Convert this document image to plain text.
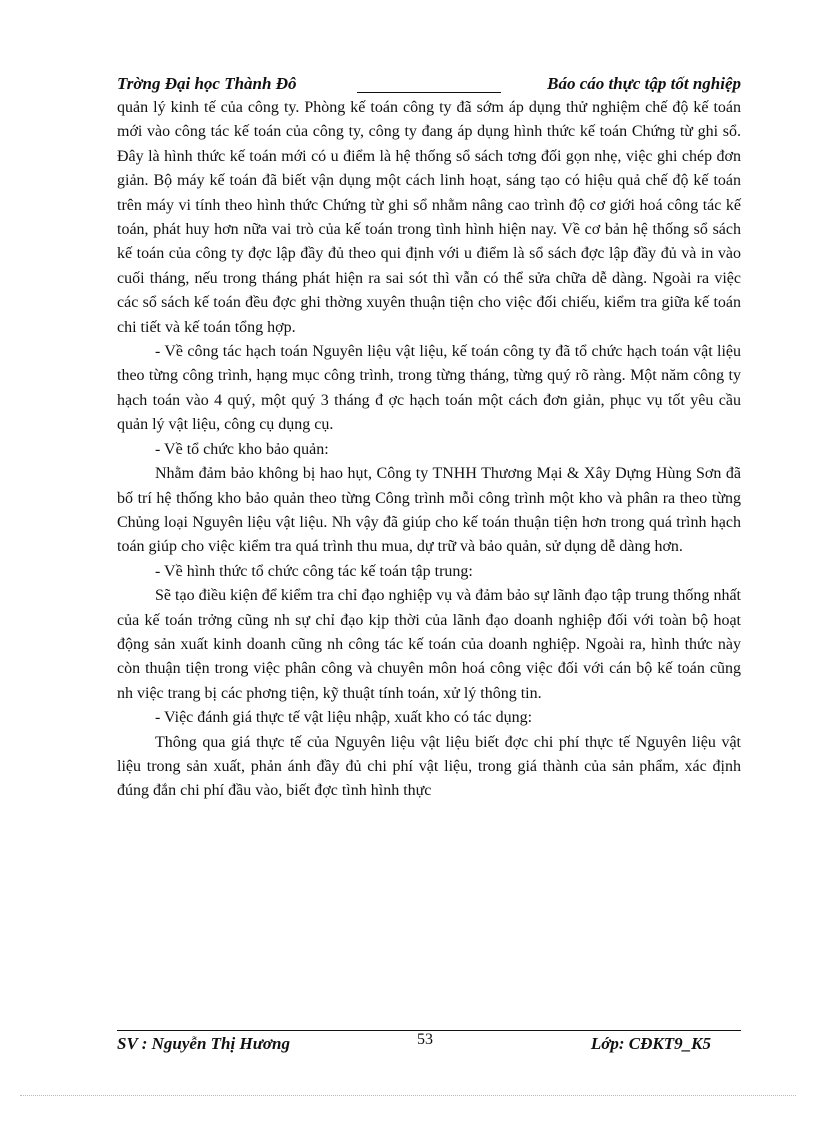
Trờng Đại học Thành Đô	Báo cáo thực tập tốt nghiệp

quản lý kinh tế của công ty. Phòng kế toán công ty đã sớm áp dụng thử nghiệm chế độ kế toán mới vào công tác kế toán của công ty, công ty đang áp dụng hình thức kế toán Chứng từ ghi sổ. Đây là hình thức kế toán mới có u điểm là hệ thống sổ sách tơng đối gọn nhẹ, việc ghi chép đơn giản. Bộ máy kế toán đã biết vận dụng một cách linh hoạt, sáng tạo có hiệu quả chế độ kế toán trên máy vi tính theo hình thức Chứng từ ghi sổ nhằm nâng cao trình độ cơ giới hoá công tác kế toán, phát huy hơn nữa vai trò của kế toán trong tình hình hiện nay. Về cơ bản hệ thống sổ sách kế toán của công ty đợc lập đầy đủ theo qui định với u điểm là sổ sách đợc lập đầy đủ và in vào cuối tháng, nếu trong tháng phát hiện ra sai sót thì vẫn có thể sửa chữa dễ dàng. Ngoài ra việc các sổ sách kế toán đều đợc ghi thờng xuyên thuận tiện cho việc đối chiếu, kiểm tra giữa kế toán chi tiết và kế toán tổng hợp.

- Về công tác hạch toán Nguyên liệu vật liệu, kế toán công ty đã tổ chức hạch toán vật liệu theo từng công trình, hạng mục công trình, trong từng tháng, từng quý rõ ràng. Một năm công ty hạch toán vào 4 quý, một quý 3 tháng đ ợc hạch toán một cách đơn giản, phục vụ tốt yêu cầu quản lý vật liệu, công cụ dụng cụ.

- Về tổ chức kho bảo quản:

Nhằm đảm bảo không bị hao hụt, Công ty TNHH Thương Mại & Xây Dựng Hùng Sơn đã bố trí hệ thống kho bảo quản theo từng Công trình mỗi công trình một kho và phân ra theo từng Chủng loại Nguyên liệu vật liệu. Nh vậy đã giúp cho kế toán thuận tiện hơn trong quá trình hạch toán giúp cho việc kiểm tra quá trình thu mua, dự trữ và bảo quản, sử dụng dễ dàng hơn.

- Về hình thức tổ chức công tác kế toán tập trung:

Sẽ tạo điều kiện để kiểm tra chỉ đạo nghiệp vụ và đảm bảo sự lãnh đạo tập trung thống nhất của kế toán trởng cũng nh sự chỉ đạo kịp thời của lãnh đạo doanh nghiệp đối với toàn bộ hoạt động sản xuất kinh doanh cũng nh công tác kế toán của doanh nghiệp. Ngoài ra, hình thức này còn thuận tiện trong việc phân công và chuyên môn hoá công việc đối với cán bộ kế toán cũng nh việc trang bị các phơng tiện, kỹ thuật tính toán, xử lý thông tin.

- Việc đánh giá thực tế vật liệu nhập, xuất kho có tác dụng:

Thông qua giá thực tế của Nguyên liệu vật liệu biết đợc chi phí thực tế Nguyên liệu vật liệu trong sản xuất, phản ánh đầy đủ chi phí vật liệu, trong giá thành của sản phẩm, xác định đúng đắn chi phí đầu vào, biết đợc tình hình thực

SV : Nguyễn Thị Hương	53	Lớp: CĐKT9_K5
